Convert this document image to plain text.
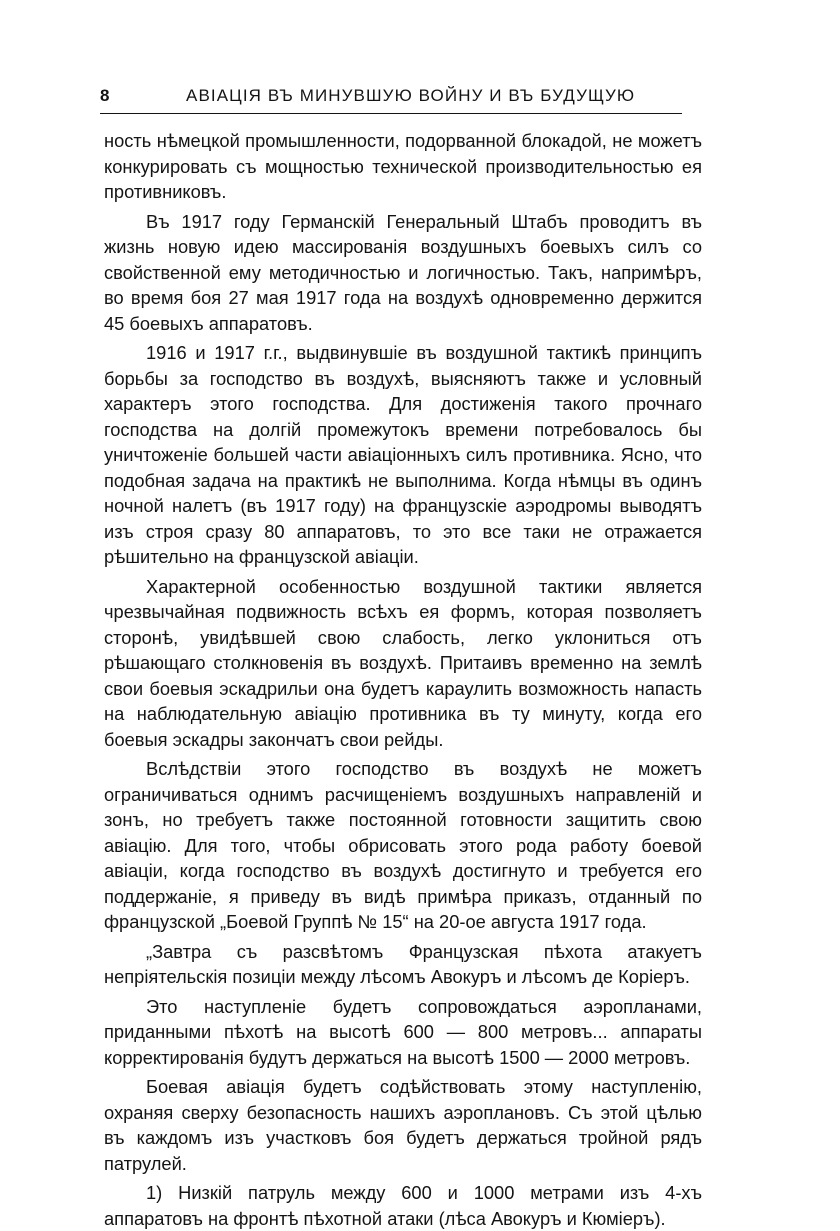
8	АВІАЦІЯ ВЪ МИНУВШУЮ ВОЙНУ И ВЪ БУДУЩУЮ

ность нѣмецкой промышленности, подорванной блокадой, не можетъ конкурировать съ мощностью технической производительностью ея противниковъ.

Въ 1917 году Германскій Генеральный Штабъ проводитъ въ жизнь новую идею массированія воздушныхъ боевыхъ силъ со свойственной ему методичностью и логичностью. Такъ, напримѣръ, во время боя 27 мая 1917 года на воздухѣ одновременно держится 45 боевыхъ аппаратовъ.

1916 и 1917 г.г., выдвинувшіе въ воздушной тактикѣ принципъ борьбы за господство въ воздухѣ, выясняютъ также и условный характеръ этого господства. Для достиженія такого прочнаго господства на долгій промежутокъ времени потребовалось бы уничтоженіе большей части авіаціонныхъ силъ противника. Ясно, что подобная задача на практикѣ не выполнима. Когда нѣмцы въ одинъ ночной налетъ (въ 1917 году) на французскіе аэродромы выводятъ изъ строя сразу 80 аппаратовъ, то это все таки не отражается рѣшительно на французской авіаціи.

Характерной особенностью воздушной тактики является чрезвычайная подвижность всѣхъ ея формъ, которая позволяетъ сторонѣ, увидѣвшей свою слабость, легко уклониться отъ рѣшающаго столкновенія въ воздухѣ. Притаивъ временно на землѣ свои боевыя эскадрильи она будетъ караулить возможность напасть на наблюдательную авіацію противника въ ту минуту, когда его боевыя эскадры закончатъ свои рейды.

Вслѣдствіи этого господство въ воздухѣ не можетъ ограничиваться однимъ расчищеніемъ воздушныхъ направленій и зонъ, но требуетъ также постоянной готовности защитить свою авіацію. Для того, чтобы обрисовать этого рода работу боевой авіаціи, когда господство въ воздухѣ достигнуто и требуется его поддержаніе, я приведу въ видѣ примѣра приказъ, отданный по французской „Боевой Группѣ № 15“ на 20-ое августа 1917 года.

„Завтра съ разсвѣтомъ Французская пѣхота атакуетъ непріятельскія позиціи между лѣсомъ Авокуръ и лѣсомъ де Коріеръ.

Это наступленіе будетъ сопровождаться аэропланами, приданными пѣхотѣ на высотѣ 600 — 800 метровъ... аппараты корректированія будутъ держаться на высотѣ 1500 — 2000 метровъ.

Боевая авіація будетъ содѣйствовать этому наступленію, охраняя сверху безопасность нашихъ аэроплановъ. Съ этой цѣлью въ каждомъ изъ участковъ боя будетъ держаться тройной рядъ патрулей.

1) Низкій патруль между 600 и 1000 метрами изъ 4-хъ аппаратовъ на фронтѣ пѣхотной атаки (лѣса Авокуръ и Кюміеръ).
